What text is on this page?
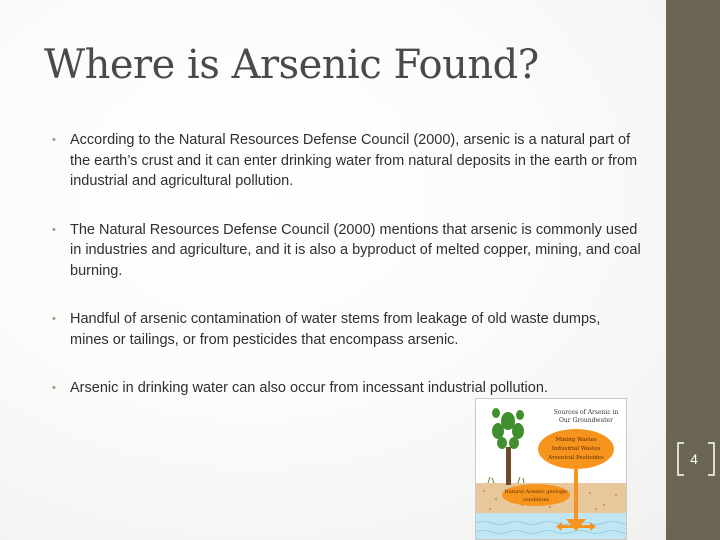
Where is Arsenic Found?
• According to the Natural Resources Defense Council (2000), arsenic is a natural part of the earth’s crust and it can enter drinking water from natural deposits in the earth or from industrial and agricultural pollution.
• The Natural Resources Defense Council (2000) mentions that arsenic is commonly used in industries and agriculture, and it is also a byproduct of melted copper, mining, and coal burning.
• Handful of arsenic contamination of water stems from leakage of old waste dumps, mines or tailings, or from pesticides that encompass arsenic.
• Arsenic in drinking water can also occur from incessant industrial pollution.
Sources of Arsenic in
Our Groundwater
Mining Wastes
Industrial Wastes
Arsenical Pesticides
Natural Arsenic geologic
conditions
4
